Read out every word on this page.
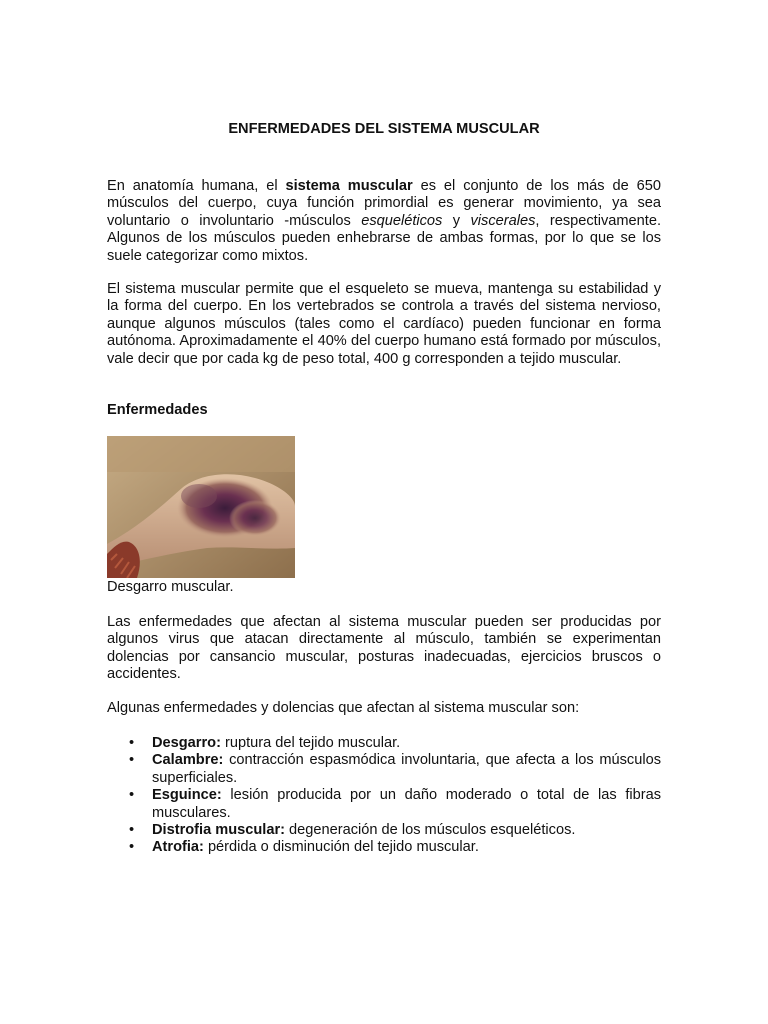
ENFERMEDADES DEL SISTEMA MUSCULAR

En anatomía humana, el sistema muscular es el conjunto de los más de 650 músculos del cuerpo, cuya función primordial es generar movimiento, ya sea voluntario o involuntario -músculos esqueléticos y viscerales, respectivamente. Algunos de los músculos pueden enhebrarse de ambas formas, por lo que se los suele categorizar como mixtos.

El sistema muscular permite que el esqueleto se mueva, mantenga su estabilidad y la forma del cuerpo. En los vertebrados se controla a través del sistema nervioso, aunque algunos músculos (tales como el cardíaco) pueden funcionar en forma autónoma. Aproximadamente el 40% del cuerpo humano está formado por músculos, vale decir que por cada kg de peso total, 400 g corresponden a tejido muscular.

Enfermedades

Desgarro muscular.

Las enfermedades que afectan al sistema muscular pueden ser producidas por algunos virus que atacan directamente al músculo, también se experimentan dolencias por cansancio muscular, posturas inadecuadas, ejercicios bruscos o accidentes.

Algunas enfermedades y dolencias que afectan al sistema muscular son:

• Desgarro: ruptura del tejido muscular.
• Calambre: contracción espasmódica involuntaria, que afecta a los músculos superficiales.
• Esguince: lesión producida por un daño moderado o total de las fibras musculares.
• Distrofia muscular: degeneración de los músculos esqueléticos.
• Atrofia: pérdida o disminución del tejido muscular.
